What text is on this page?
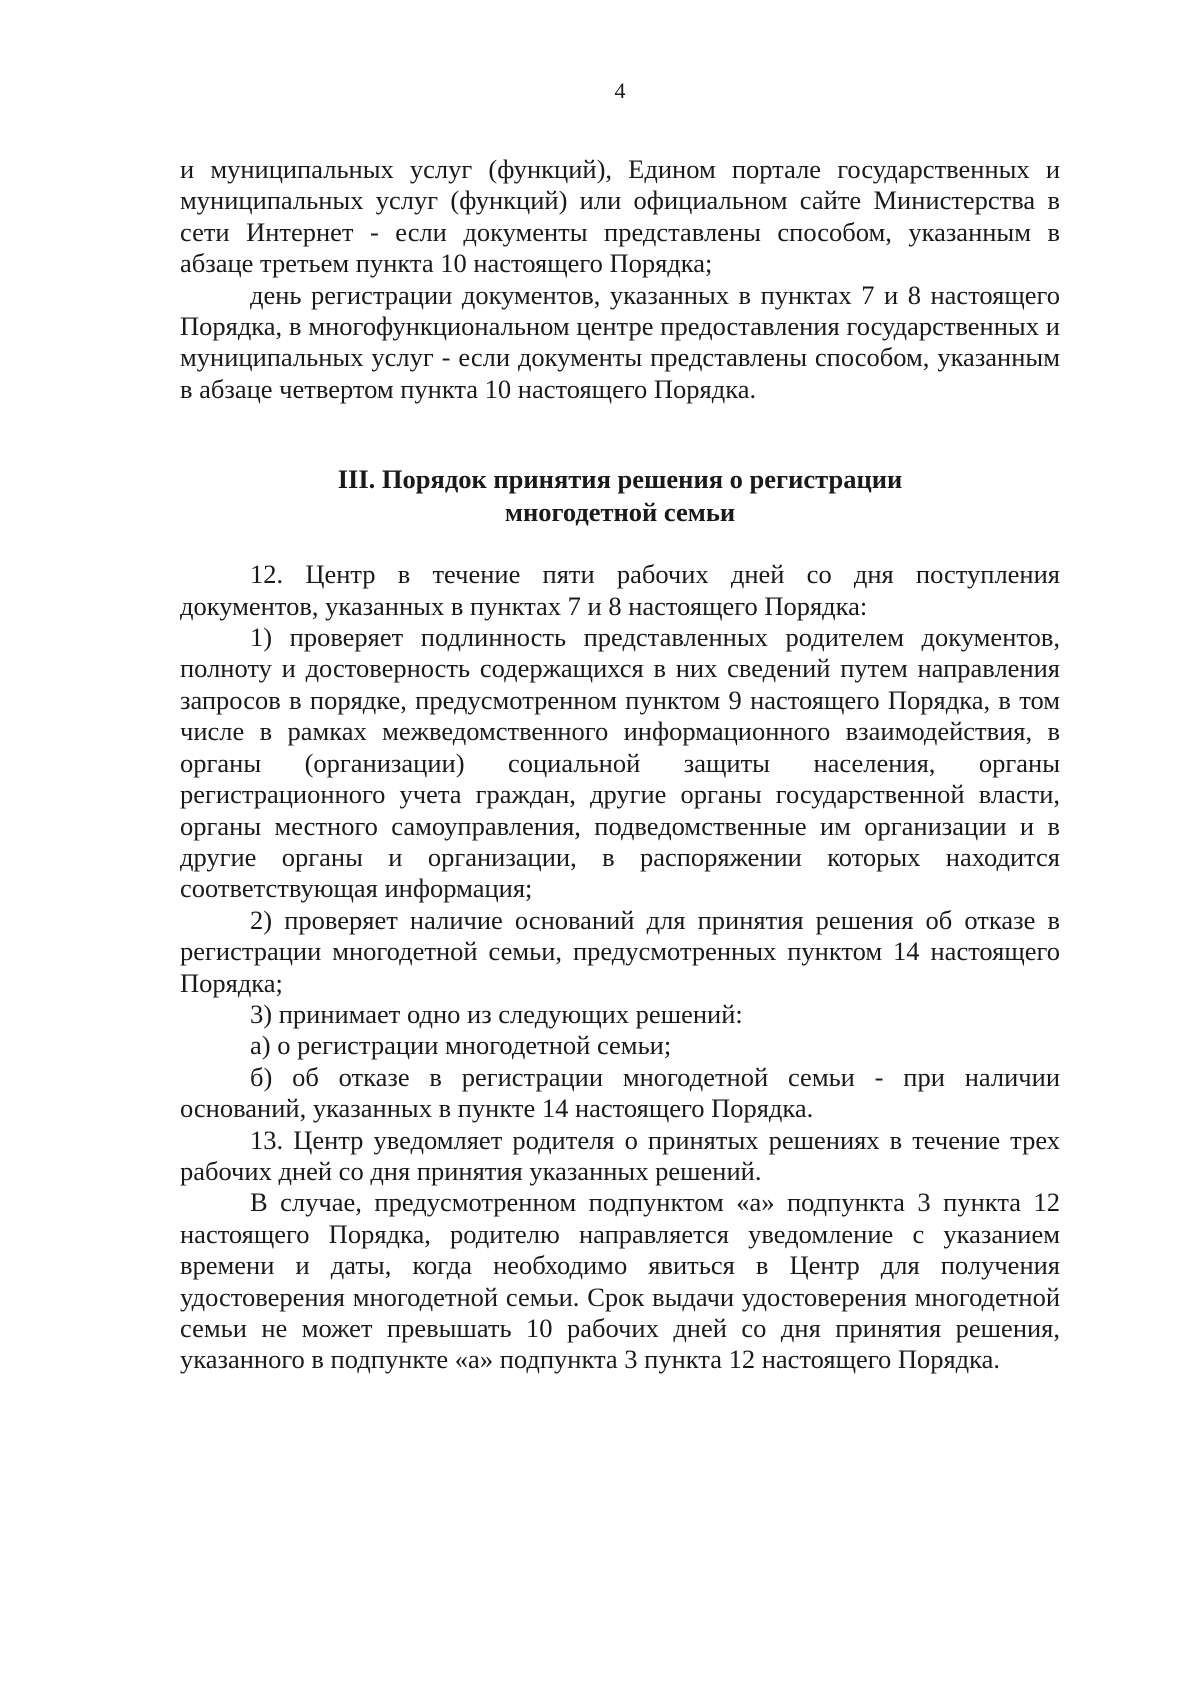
4

и муниципальных услуг (функций), Едином портале государственных и муниципальных услуг (функций) или официальном сайте Министерства в сети Интернет - если документы представлены способом, указанным в абзаце третьем пункта 10 настоящего Порядка;

день регистрации документов, указанных в пунктах 7 и 8 настоящего Порядка, в многофункциональном центре предоставления государственных и муниципальных услуг - если документы представлены способом, указанным в абзаце четвертом пункта 10 настоящего Порядка.

III. Порядок принятия решения о регистрации
многодетной семьи

12. Центр в течение пяти рабочих дней со дня поступления документов, указанных в пунктах 7 и 8 настоящего Порядка:

1) проверяет подлинность представленных родителем документов, полноту и достоверность содержащихся в них сведений путем направления запросов в порядке, предусмотренном пунктом 9 настоящего Порядка, в том числе в рамках межведомственного информационного взаимодействия, в органы (организации) социальной защиты населения, органы регистрационного учета граждан, другие органы государственной власти, органы местного самоуправления, подведомственные им организации и в другие органы и организации, в распоряжении которых находится соответствующая информация;

2) проверяет наличие оснований для принятия решения об отказе в регистрации многодетной семьи, предусмотренных пунктом 14 настоящего Порядка;

3) принимает одно из следующих решений:

а) о регистрации многодетной семьи;

б) об отказе в регистрации многодетной семьи - при наличии оснований, указанных в пункте 14 настоящего Порядка.

13. Центр уведомляет родителя о принятых решениях в течение трех рабочих дней со дня принятия указанных решений.

В случае, предусмотренном подпунктом «а» подпункта 3 пункта 12 настоящего Порядка, родителю направляется уведомление с указанием времени и даты, когда необходимо явиться в Центр для получения удостоверения многодетной семьи. Срок выдачи удостоверения многодетной семьи не может превышать 10 рабочих дней со дня принятия решения, указанного в подпункте «а» подпункта 3 пункта 12 настоящего Порядка.
